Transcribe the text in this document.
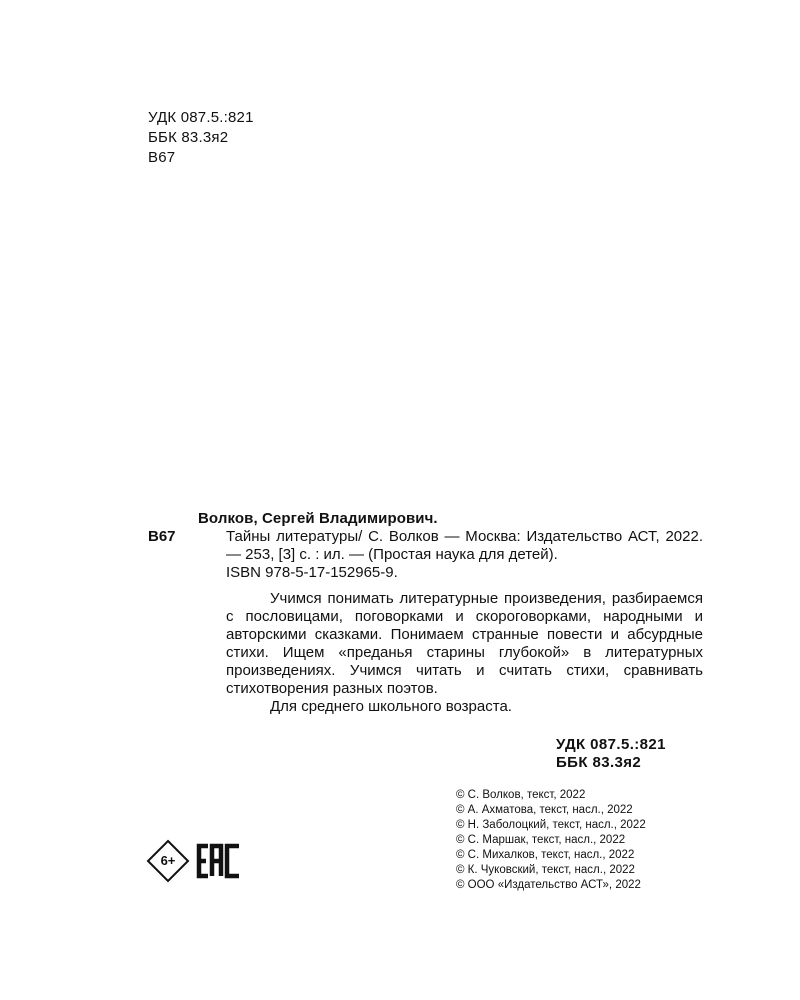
УДК 087.5.:821
ББК 83.3я2
В67
Волков, Сергей Владимирович.
В67	Тайны литературы/ С. Волков — Москва: Издательство АСТ, 2022. — 253, [3] с. : ил. — (Простая наука для детей).
ISBN 978-5-17-152965-9.
Учимся понимать литературные произведения, разбираемся с пословицами, поговорками и скороговорками, народными и авторскими сказками. Понимаем странные повести и абсурдные стихи. Ищем «преданья старины глубокой» в литературных произведениях. Учимся читать и считать стихи, сравнивать стихотворения разных поэтов.
Для среднего школьного возраста.
УДК 087.5.:821
ББК 83.3я2
6+
© С. Волков, текст, 2022
© А. Ахматова, текст, насл., 2022
© Н. Заболоцкий, текст, насл., 2022
© С. Маршак, текст, насл., 2022
© С. Михалков, текст, насл., 2022
© К. Чуковский, текст, насл., 2022
© ООО «Издательство АСТ», 2022
